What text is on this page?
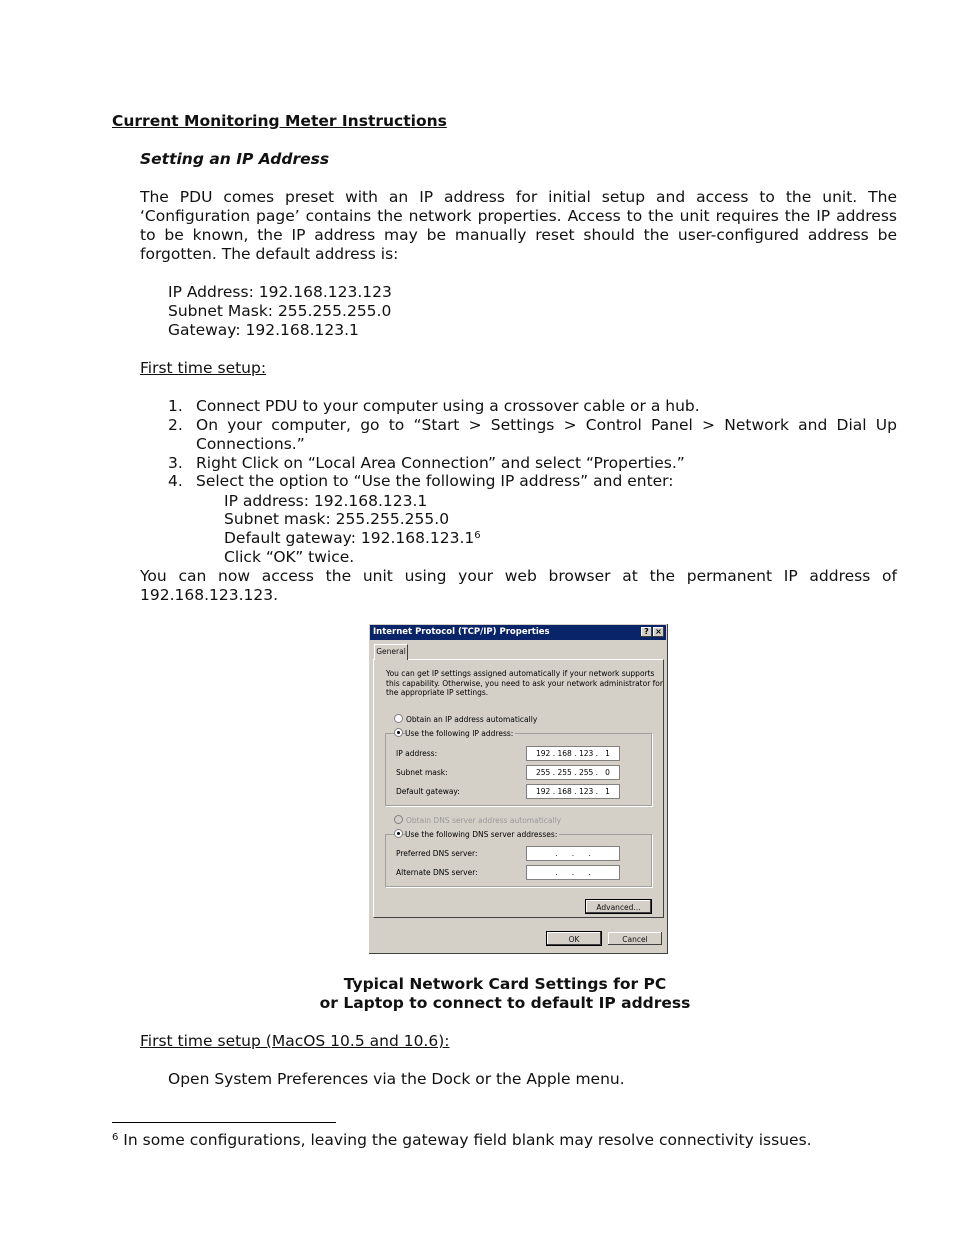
Current Monitoring Meter Instructions
Setting an IP Address
The PDU comes preset with an IP address for initial setup and access to the unit. The
‘Configuration page’ contains the network properties. Access to the unit requires the IP address
to be known, the IP address may be manually reset should the user-configured address be
forgotten. The default address is:
IP Address: 192.168.123.123
Subnet Mask: 255.255.255.0
Gateway: 192.168.123.1
First time setup:
1. Connect PDU to your computer using a crossover cable or a hub.
2. On your computer, go to “Start > Settings > Control Panel > Network and Dial Up
Connections.”
3. Right Click on “Local Area Connection” and select “Properties.”
4. Select the option to “Use the following IP address” and enter:
IP address: 192.168.123.1
Subnet mask: 255.255.255.0
Default gateway: 192.168.123.1$^6$
Click “OK” twice.
You can now access the unit using your web browser at the permanent IP address of
192.168.123.123.
Internet Protocol (TCP/IP) Properties	? ×
General
You can get IP settings assigned automatically if your network supports
this capability. Otherwise, you need to ask your network administrator for
the appropriate IP settings.
Obtain an IP address automatically
Use the following IP address:
IP address:	192 . 168 . 123 .   1
Subnet mask:	255 . 255 . 255 .   0
Default gateway:	192 . 168 . 123 .   1
Obtain DNS server address automatically
Use the following DNS server addresses:
Preferred DNS server:	.      .      .
Alternate DNS server:	.      .      .
Advanced...
OK	Cancel
Typical Network Card Settings for PC
or Laptop to connect to default IP address
First time setup (MacOS 10.5 and 10.6):
Open System Preferences via the Dock or the Apple menu.
$^6$ In some configurations, leaving the gateway field blank may resolve connectivity issues.
